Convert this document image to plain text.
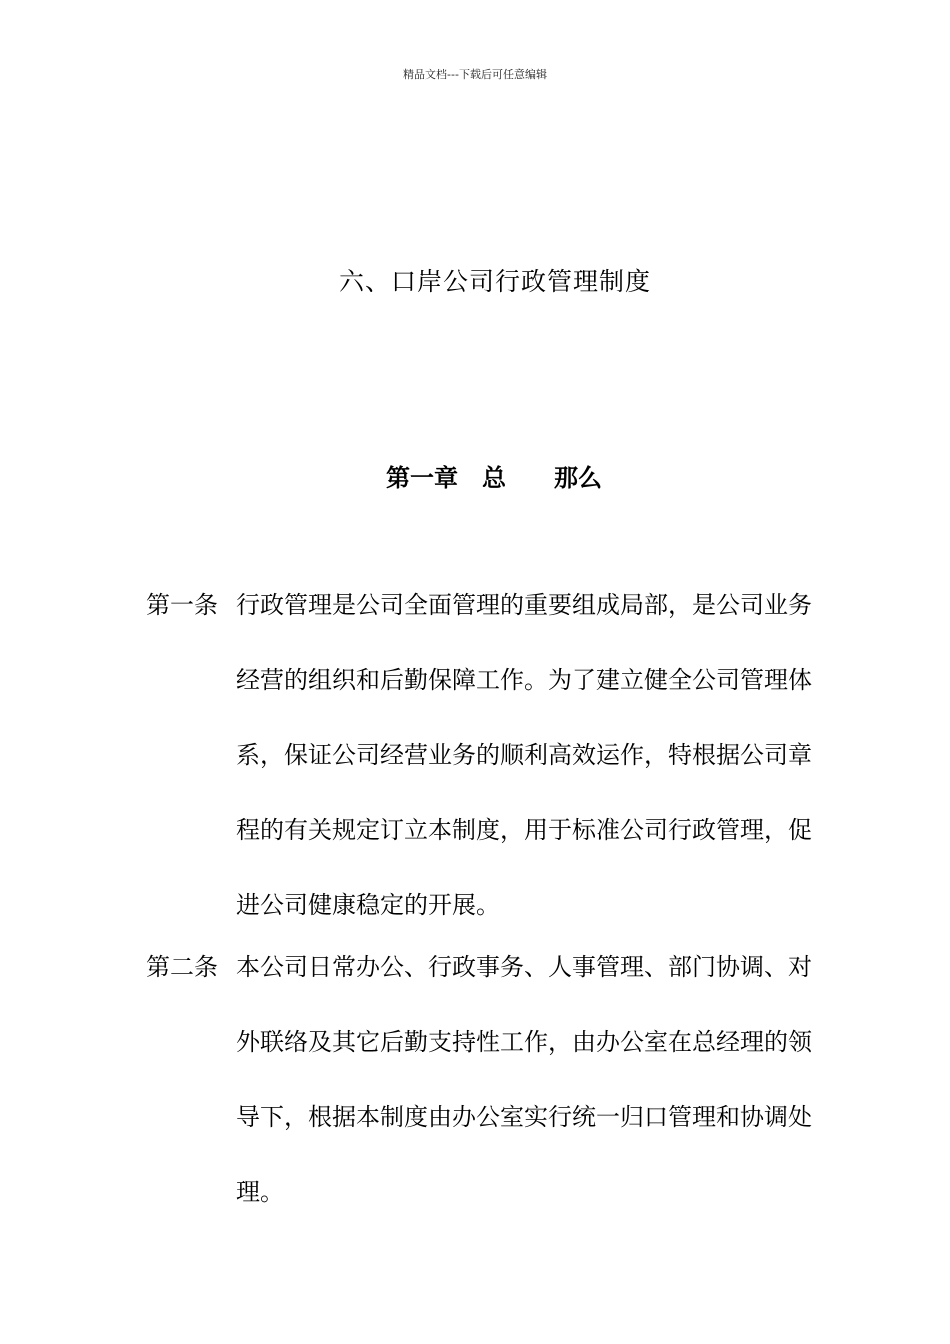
精品文档---下载后可任意编辑
六、口岸公司行政管理制度
第一章　总　　那么
第一条 行政管理是公司全面管理的重要组成局部，是公司业务
经营的组织和后勤保障工作。为了建立健全公司管理体
系，保证公司经营业务的顺利高效运作，特根据公司章
程的有关规定订立本制度，用于标准公司行政管理，促
进公司健康稳定的开展。
第二条 本公司日常办公、行政事务、人事管理、部门协调、对
外联络及其它后勤支持性工作，由办公室在总经理的领
导下，根据本制度由办公室实行统一归口管理和协调处
理。
